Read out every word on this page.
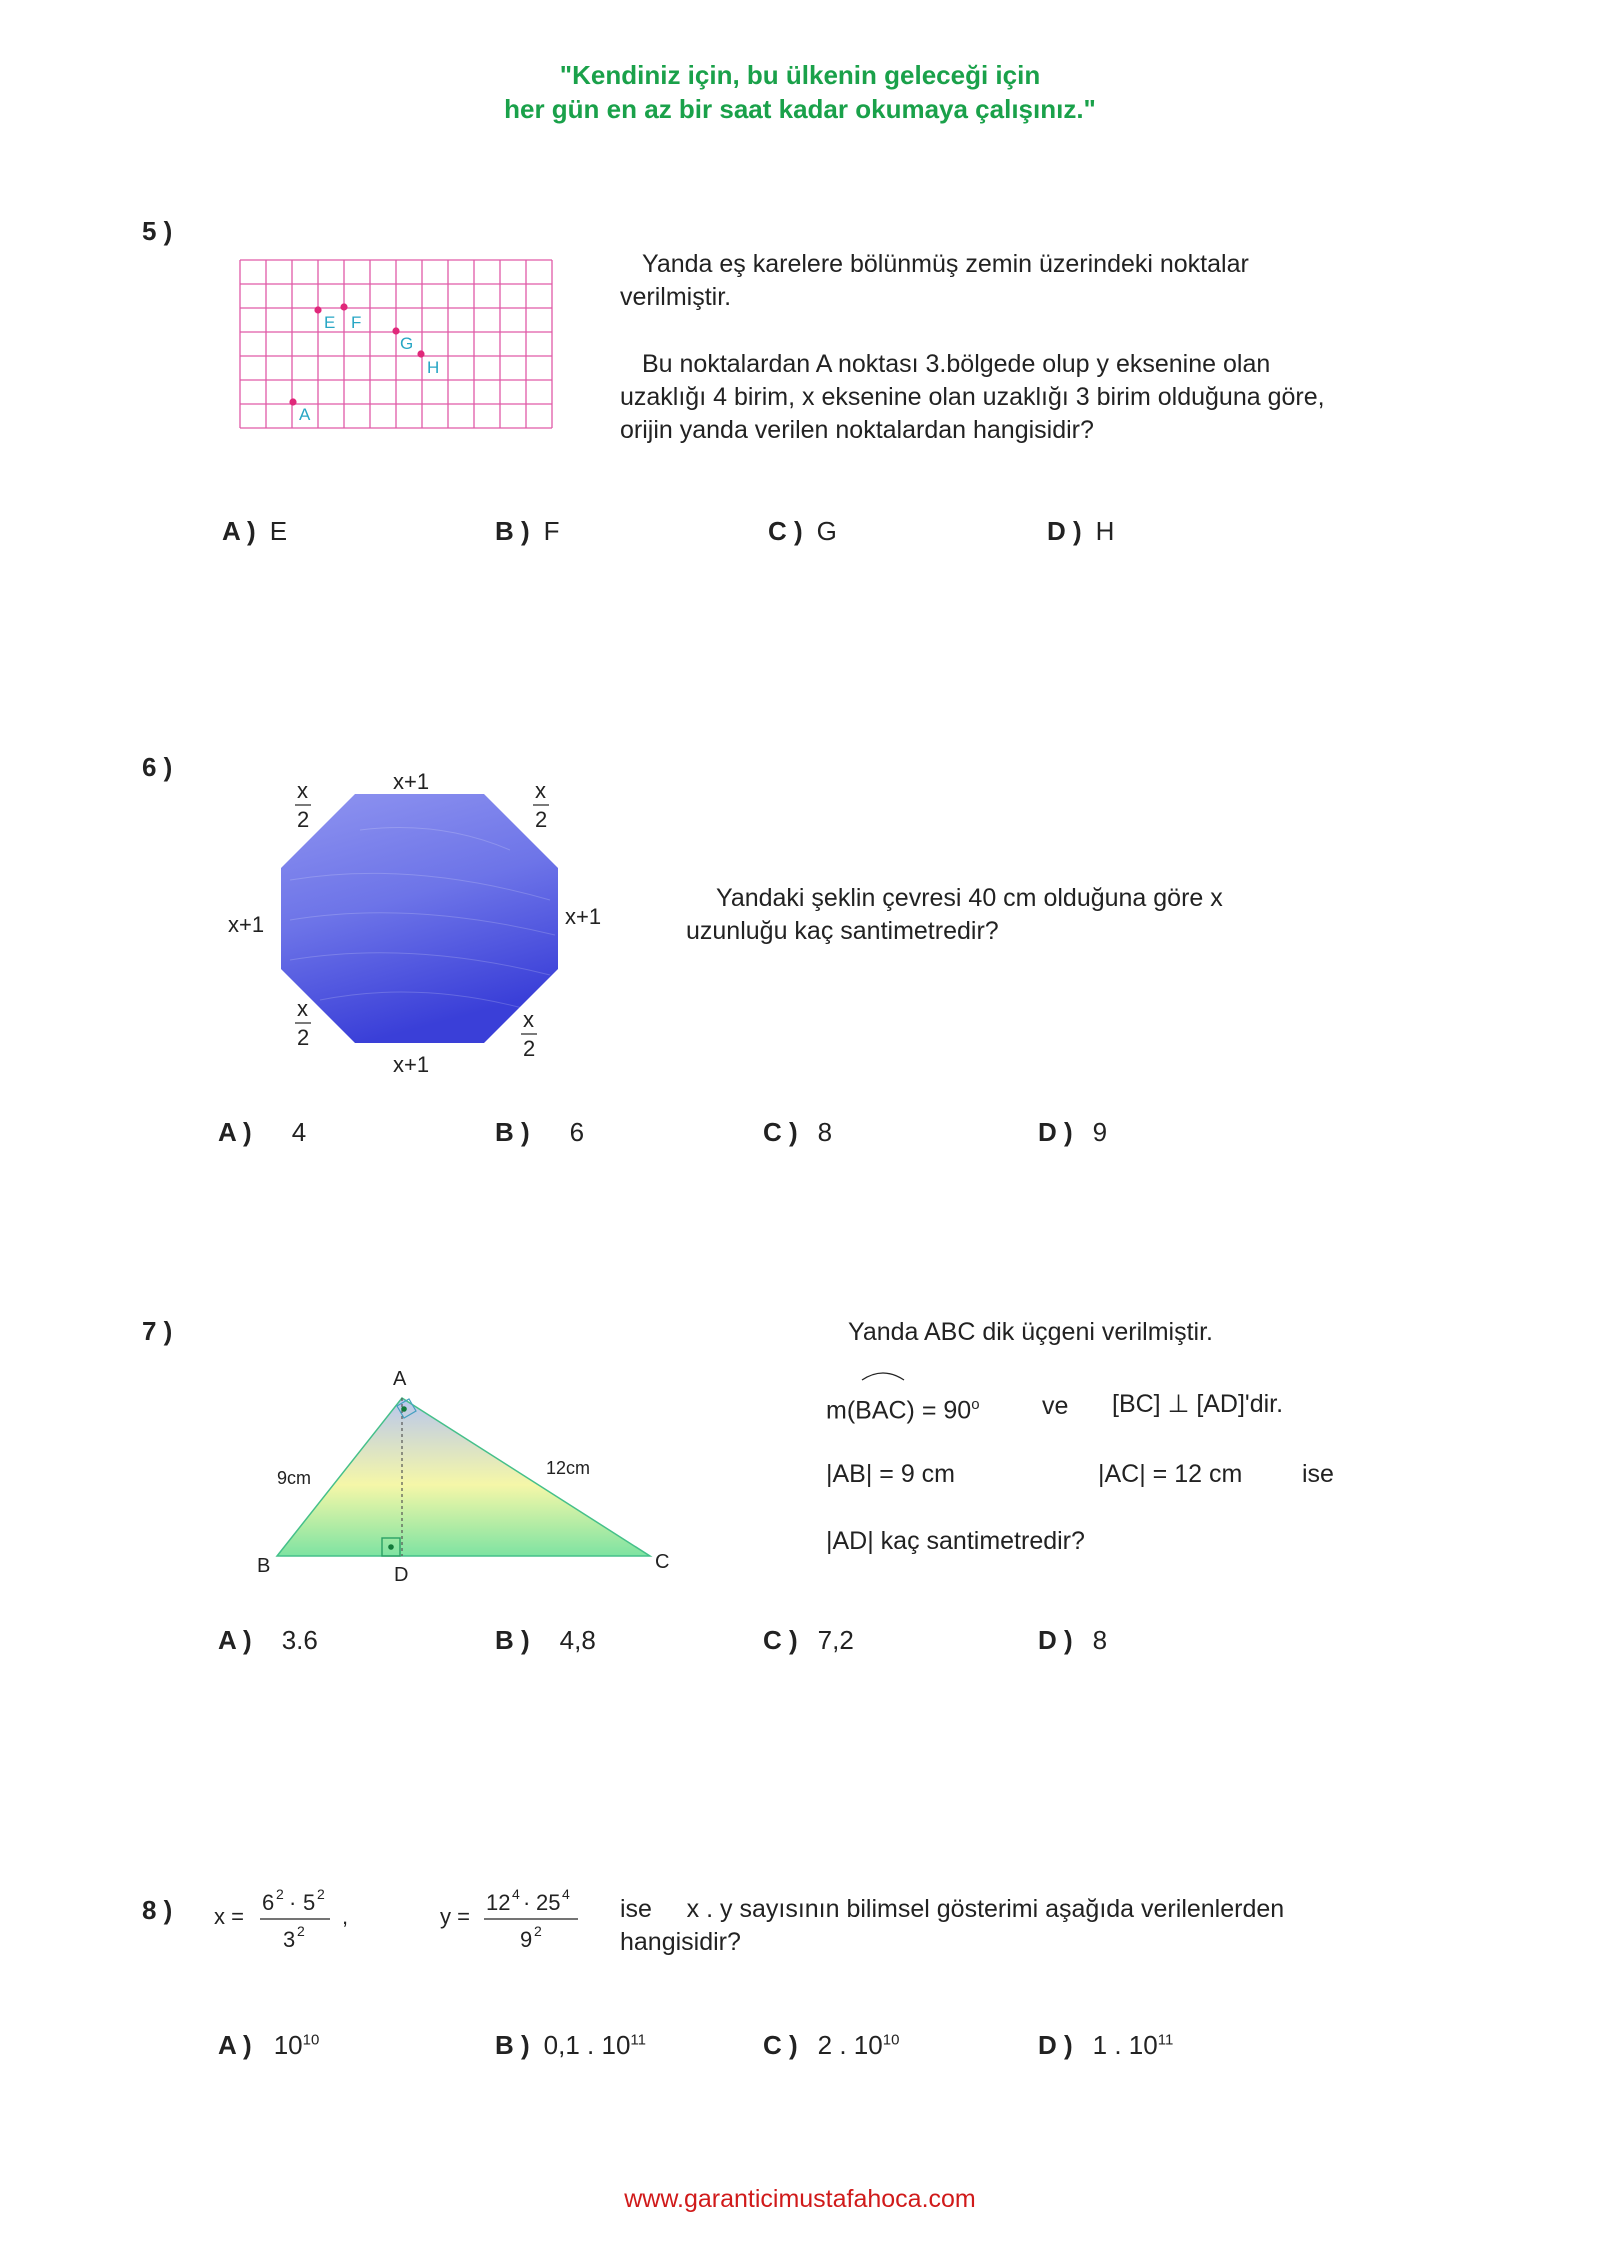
"Kendiniz için, bu ülkenin geleceği için
her gün en az bir saat kadar okumaya çalışınız."
5 )
E F
G
H
A
Yanda eş karelere bölünmüş zemin üzerindeki noktalar
verilmiştir.
Bu noktalardan A noktası 3.bölgede olup y eksenine olan
uzaklığı 4 birim, x eksenine olan uzaklığı 3 birim olduğuna göre,
orijin yanda verilen noktalardan hangisidir?
A ) E	B ) F	C ) G	D ) H
6 )	x+1
x+1
x+1	x+1
x
2
x
2
x
2
x
2
Yandaki şeklin çevresi 40 cm olduğuna göre x
uzunluğu kaç santimetredir?
A ) 4	B ) 6	C ) 8	D ) 9
7 )
A
B	C
D
9cm	12cm
Yanda ABC dik üçgeni verilmiştir.
$m(BAC) = 90^o$ ve [BC] ⊥ [AD]'dir.
|AB| = 9 cm	|AC| = 12 cm ise
|AD| kaç santimetredir?
A ) 3.6	B ) 4,8	C ) 7,2	D ) 8
8 ) x =
6 2 · 5 2
3 2
,	y =
12 4 · 25 4
9 2
ise     x . y sayısının bilimsel gösterimi aşağıda verilenlerden
hangisidir?
A ) $10^{10}$	B ) 0,1 . $10^{11}$	C ) 2 . $10^{10}$	D ) 1 . $10^{11}$
www.garanticimustafahoca.com
